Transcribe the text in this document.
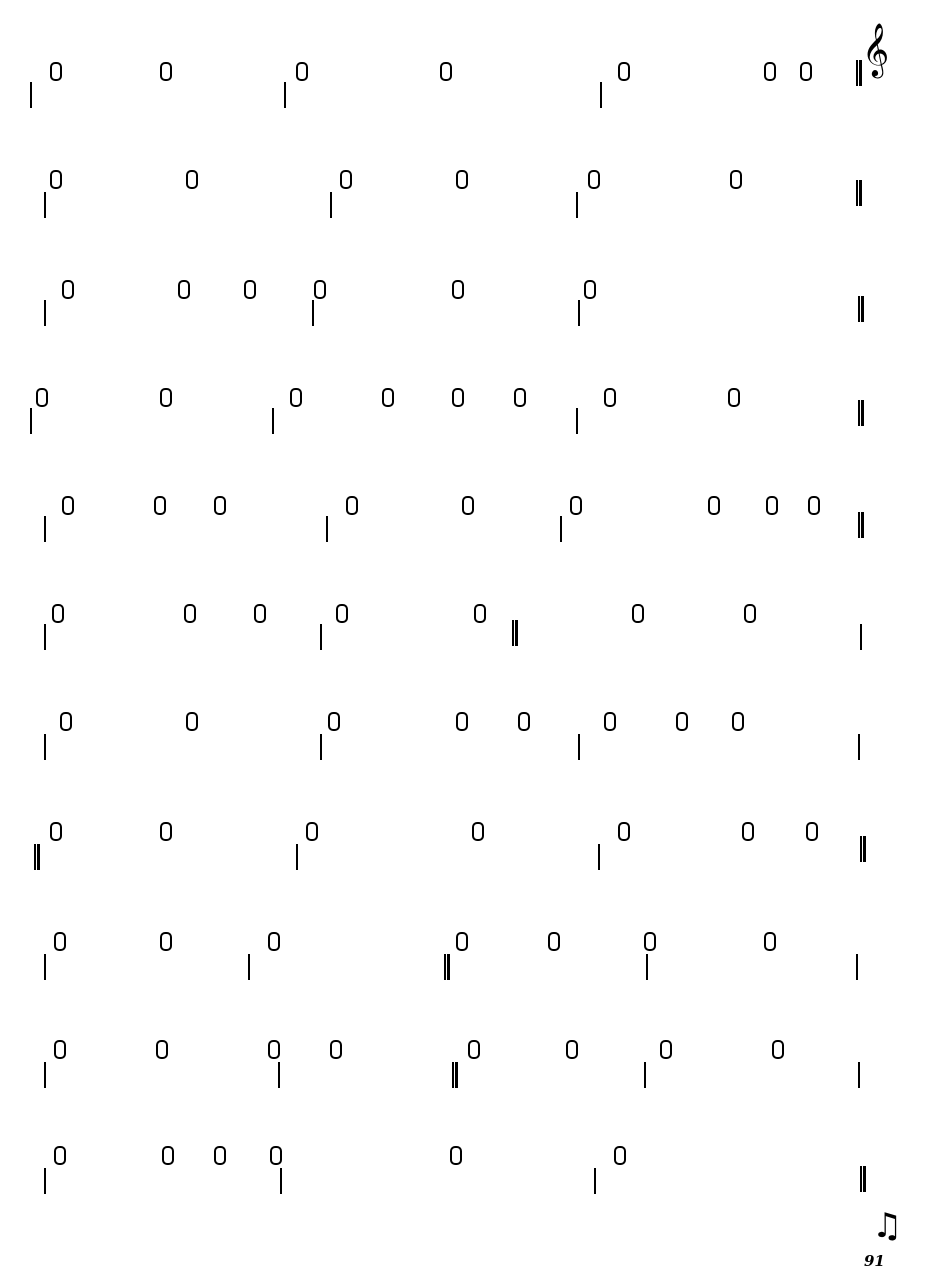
𝄞
♫
91
